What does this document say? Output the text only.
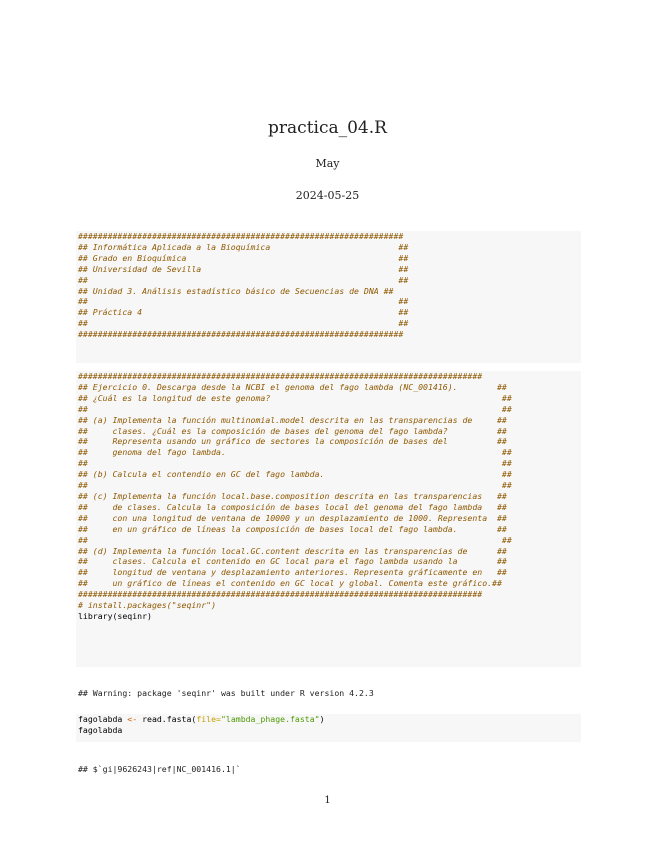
practica_04.R
May
2024-05-25
##################################################################
## Informática Aplicada a la Bioquímica                          ##
## Grado en Bioquímica                                           ##
## Universidad de Sevilla                                        ##
##                                                               ##
## Unidad 3. Análisis estadístico básico de Secuencias de DNA ##
##                                                               ##
## Práctica 4                                                    ##
##                                                               ##
##################################################################
##################################################################################
## Ejercicio 0. Descarga desde la NCBI el genoma del fago lambda (NC_001416).        ##
## ¿Cuál es la longitud de este genoma?                                               ##
##                                                                                    ##
## (a) Implementa la función multinomial.model descrita en las transparencias de     ##
##     clases. ¿Cuál es la composición de bases del genoma del fago lambda?          ##
##     Representa usando un gráfico de sectores la composición de bases del          ##
##     genoma del fago lambda.                                                        ##
##                                                                                    ##
## (b) Calcula el contendio en GC del fago lambda.                                    ##
##                                                                                    ##
## (c) Implementa la función local.base.composition descrita en las transparencias   ##
##     de clases. Calcula la composición de bases local del genoma del fago lambda   ##
##     con una longitud de ventana de 10000 y un desplazamiento de 1000. Representa  ##
##     en un gráfico de líneas la composición de bases local del fago lambda.        ##
##                                                                                    ##
## (d) Implementa la función local.GC.content descrita en las transparencias de      ##
##     clases. Calcula el contenido en GC local para el fago lambda usando la        ##
##     longitud de ventana y desplazamiento anteriores. Representa gráficamente en   ##
##     un gráfico de líneas el contenido en GC local y global. Comenta este gráfico.##
##################################################################################
# install.packages("seqinr")
library(seqinr)
## Warning: package 'seqinr' was built under R version 4.2.3
fagolabda <- read.fasta(file="lambda_phage.fasta")
fagolabda
## $`gi|9626243|ref|NC_001416.1|`
1
